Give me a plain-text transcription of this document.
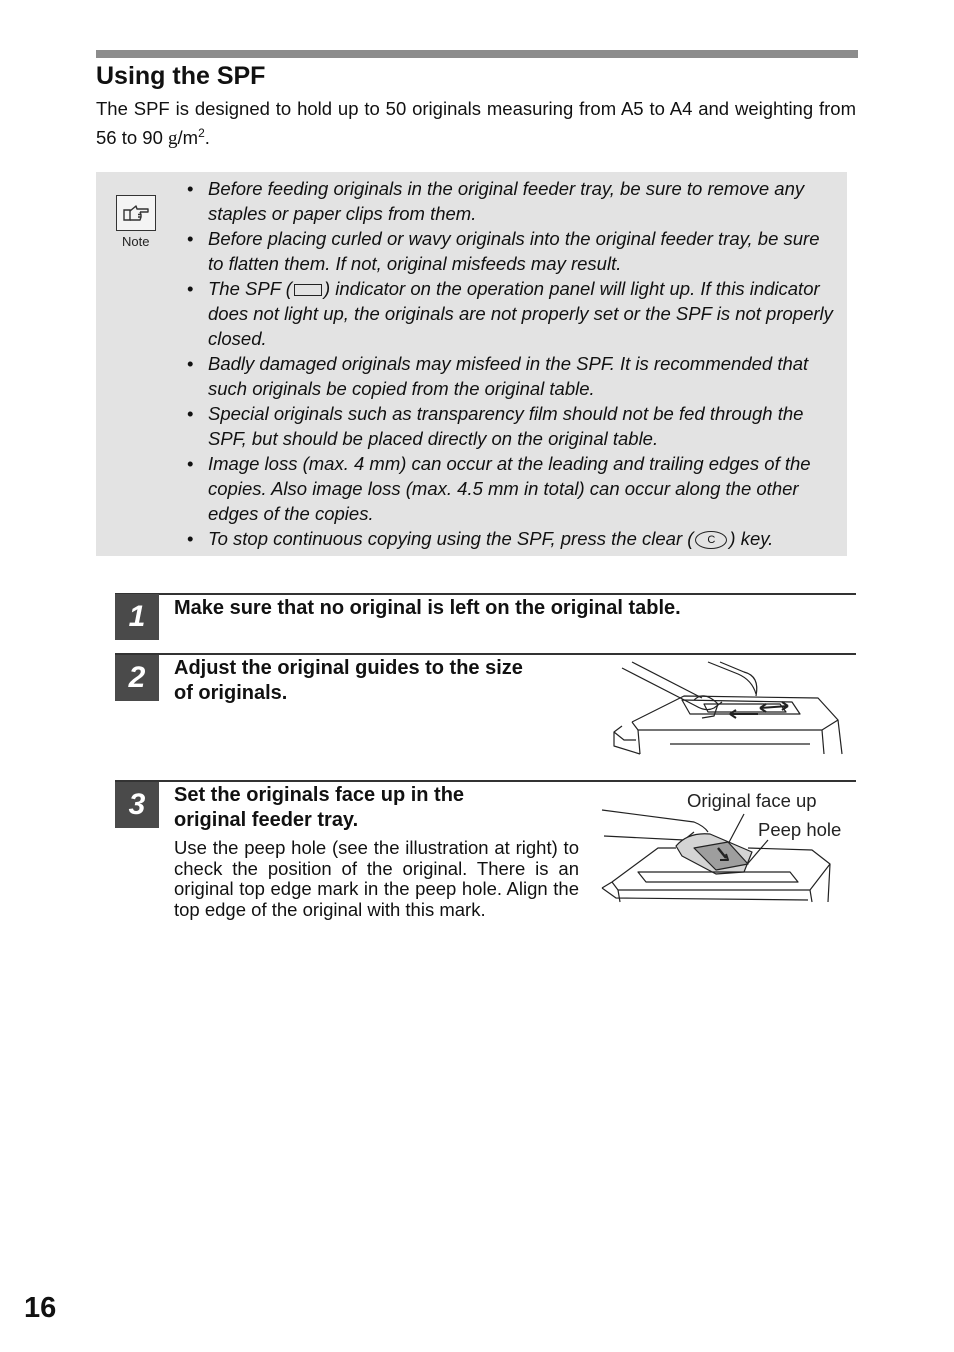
Using the SPF

The SPF is designed to hold up to 50 originals measuring from A5 to A4 and weighting from 56 to 90 $g/m^2$.

Note
• Before feeding originals in the original feeder tray, be sure to remove any staples or paper clips from them.
• Before placing curled or wavy originals into the original feeder tray, be sure to flatten them. If not, original misfeeds may result.
• The SPF ( ) indicator on the operation panel will light up. If this indicator does not light up, the originals are not properly set or the SPF is not properly closed.
• Badly damaged originals may misfeed in the SPF. It is recommended that such originals be copied from the original table.
• Special originals such as transparency film should not be fed through the SPF, but should be placed directly on the original table.
• Image loss (max. 4 mm) can occur at the leading and trailing edges of the copies. Also image loss (max. 4.5 mm in total) can occur along the other edges of the copies.
• To stop continuous copying using the SPF, press the clear ( C ) key.
1	Make sure that no original is left on the original table.

2	Adjust the original guides to the size
of originals.

3	Set the originals face up in the
original feeder tray.

Use the peep hole (see the illustration at right) to check the position of the original. There is an original top edge mark in the peep hole. Align the top edge of the original with this mark.

Original face up
Peep hole
16
